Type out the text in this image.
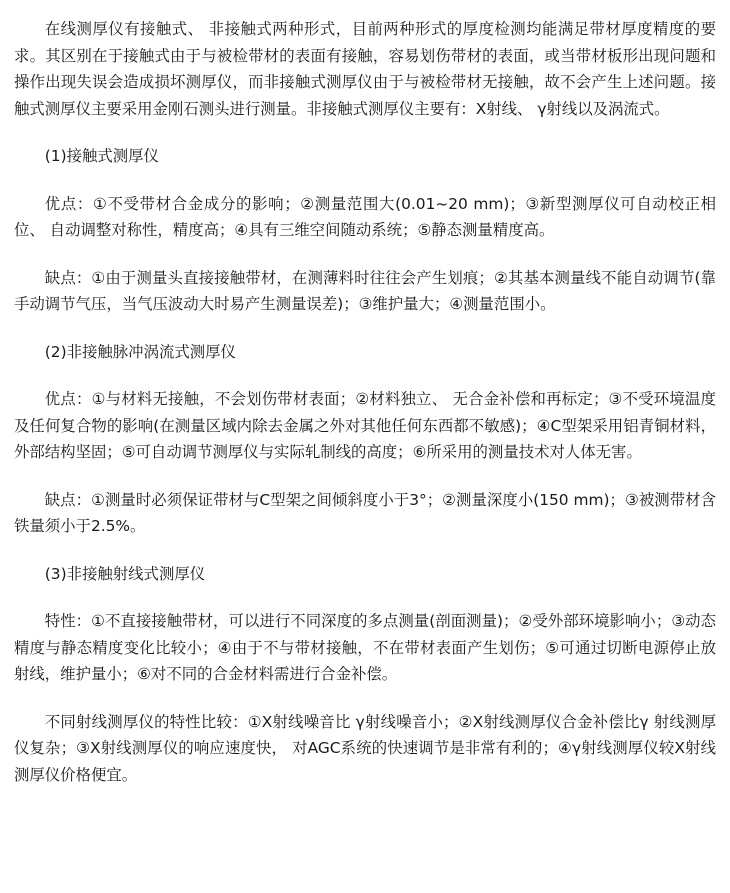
在线测厚仪有接触式、 非接触式两种形式，目前两种形式的厚度检测均能满足带材厚度精度的要求。其区别在于接触式由于与被检带材的表面有接触，容易划伤带材的表面，或当带材板形出现问题和操作出现失误会造成损坏测厚仪，而非接触式测厚仪由于与被检带材无接触，故不会产生上述问题。接触式测厚仪主要采用金刚石测头进行测量。非接触式测厚仪主要有：X射线、 γ射线以及涡流式。

(1)接触式测厚仪

优点：①不受带材合金成分的影响；②测量范围大(0.01~20 mm)；③新型测厚仪可自动校正相位、 自动调整对称性，精度高；④具有三维空间随动系统；⑤静态测量精度高。

缺点：①由于测量头直接接触带材，在测薄料时往往会产生划痕；②其基本测量线不能自动调节(靠手动调节气压，当气压波动大时易产生测量误差)；③维护量大；④测量范围小。

(2)非接触脉冲涡流式测厚仪

优点：①与材料无接触，不会划伤带材表面；②材料独立、 无合金补偿和再标定；③不受环境温度及任何复合物的影响(在测量区域内除去金属之外对其他任何东西都不敏感)；④C型架采用铝青铜材料，外部结构坚固；⑤可自动调节测厚仪与实际轧制线的高度；⑥所采用的测量技术对人体无害。

缺点：①测量时必须保证带材与C型架之间倾斜度小于3°；②测量深度小(150 mm)；③被测带材含铁量须小于2.5%。

(3)非接触射线式测厚仪

特性：①不直接接触带材，可以进行不同深度的多点测量(剖面测量)；②受外部环境影响小；③动态精度与静态精度变化比较小；④由于不与带材接触，不在带材表面产生划伤；⑤可通过切断电源停止放射线，维护量小；⑥对不同的合金材料需进行合金补偿。

不同射线测厚仪的特性比较：①X射线噪音比 γ射线噪音小；②X射线测厚仪合金补偿比γ 射线测厚仪复杂；③X射线测厚仪的响应速度快， 对AGC系统的快速调节是非常有利的；④γ射线测厚仪较X射线测厚仪价格便宜。
